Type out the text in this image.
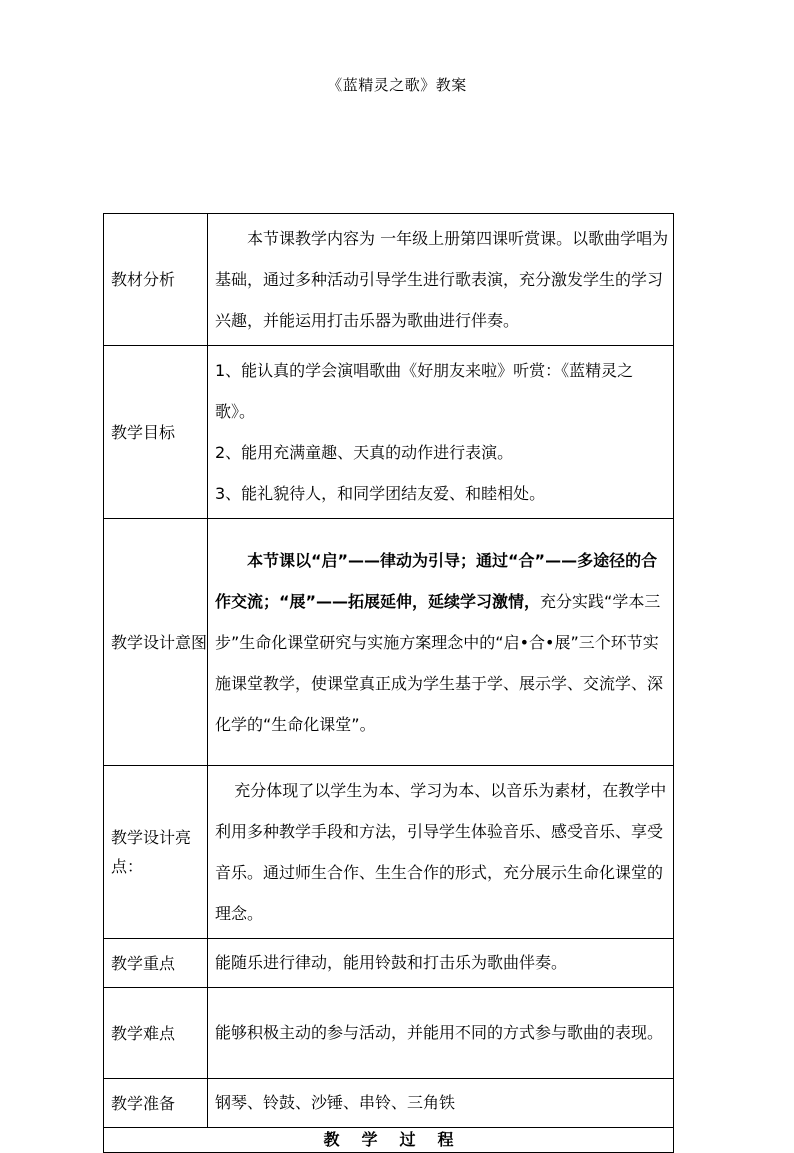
《蓝精灵之歌》教案
教材分析	本节课教学内容为 一年级上册第四课听赏课。以歌曲学唱为基础，通过多种活动引导学生进行歌表演，充分激发学生的学习兴趣，并能运用打击乐器为歌曲进行伴奏。

教学目标	1、能认真的学会演唱歌曲《好朋友来啦》听赏：《蓝精灵之歌》。

2、能用充满童趣、天真的动作进行表演。

3、能礼貌待人，和同学团结友爱、和睦相处。

教学设计意图	本节课以“启”——律动为引导；通过“合”——多途径的合作交流；“展”——拓展延伸，延续学习激情，充分实践“学本三步”生命化课堂研究与实施方案理念中的“启•合•展”三个环节实施课堂教学，使课堂真正成为学生基于学、展示学、交流学、深化学的“生命化课堂”。

教学设计亮点：	充分体现了以学生为本、学习为本、以音乐为素材，在教学中利用多种教学手段和方法，引导学生体验音乐、感受音乐、享受音乐。通过师生合作、生生合作的形式，充分展示生命化课堂的理念。

教学重点	能随乐进行律动，能用铃鼓和打击乐为歌曲伴奏。
教学难点	能够积极主动的参与活动，并能用不同的方式参与歌曲的表现。
教学准备	钢琴、铃鼓、沙锤、串铃、三角铁
教学过程	
